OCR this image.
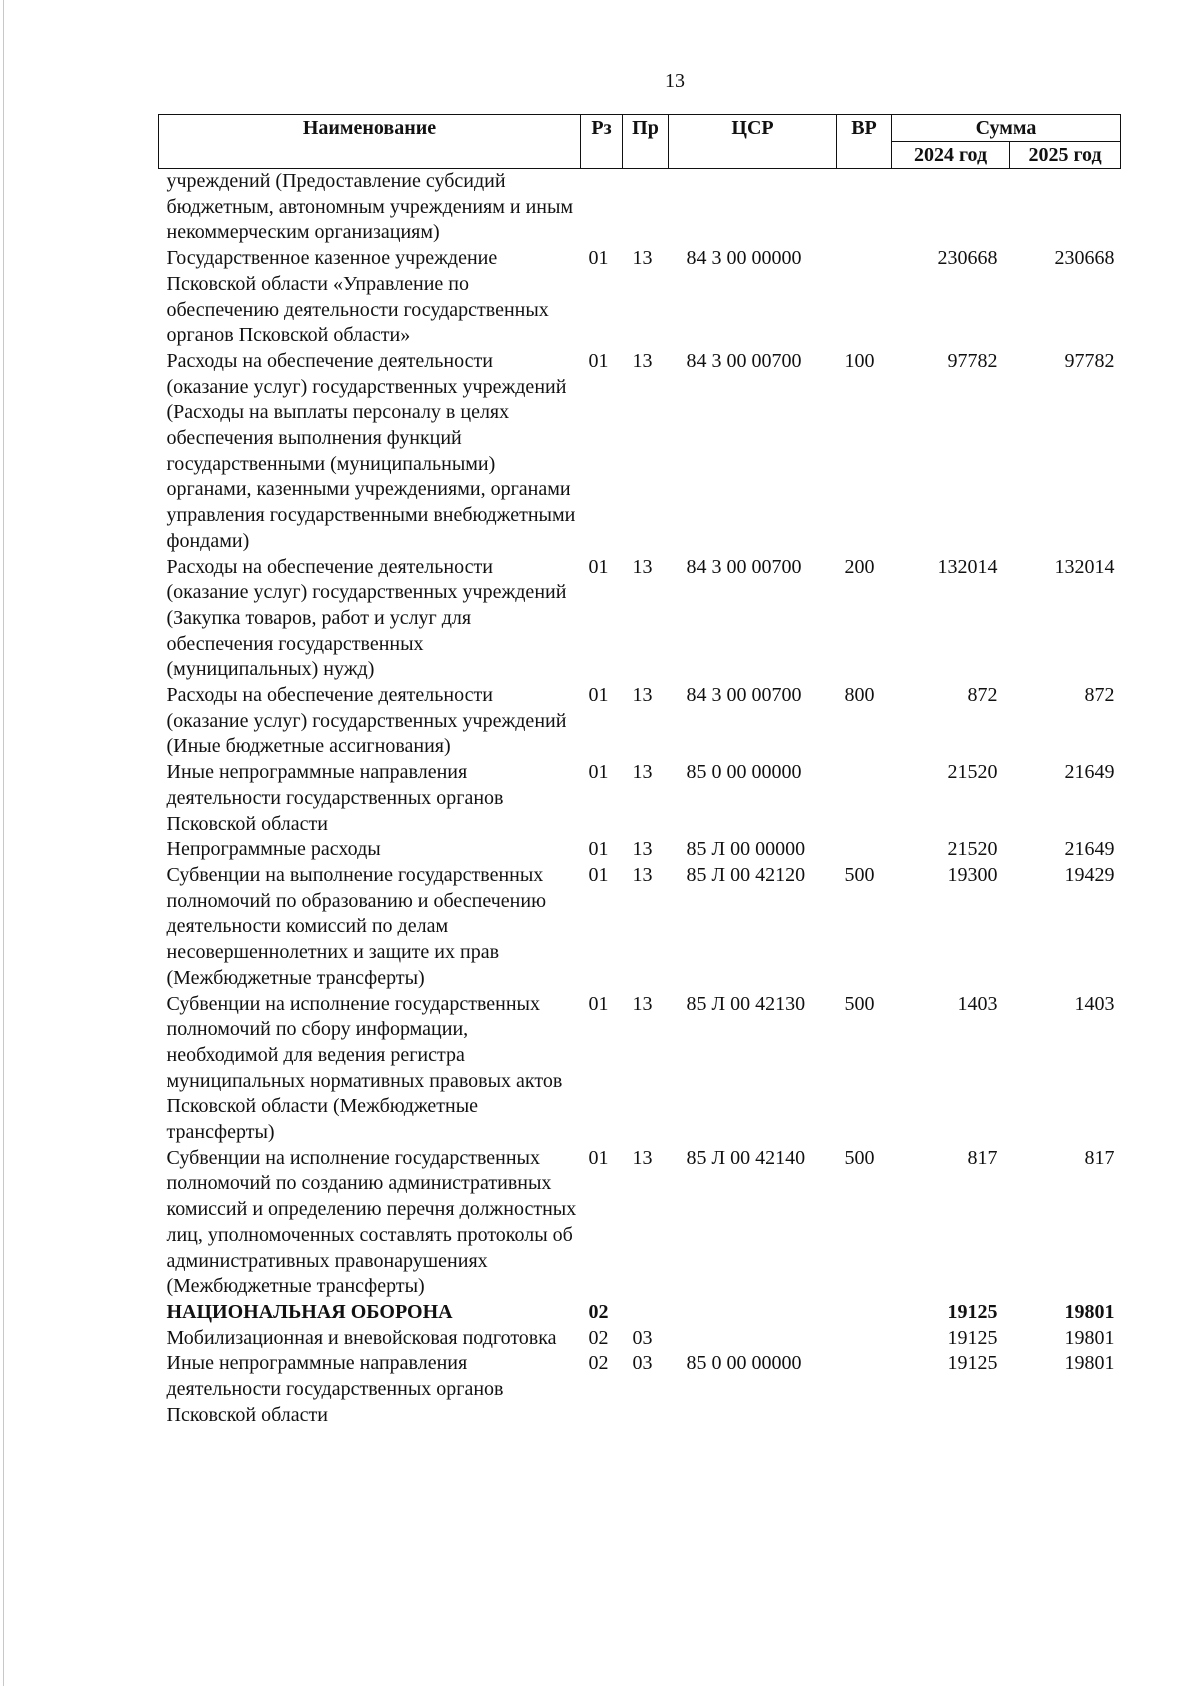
13
Наименование	Рз	Пр	ЦСР	ВР	Сумма	
					2024 год	2025 год
учреждений (Предоставление субсидий бюджетным, автономным учреждениям и иным некоммерческим организациям)						
Государственное казенное учреждение Псковской области «Управление по обеспечению деятельности государственных органов Псковской области»	01	13	84 3 00 00000		230668	230668
Расходы на обеспечение деятельности (оказание услуг) государственных учреждений (Расходы на выплаты персоналу в целях обеспечения выполнения функций государственными (муниципальными) органами, казенными учреждениями, органами управления государственными внебюджетными фондами)	01	13	84 3 00 00700	100	97782	97782
Расходы на обеспечение деятельности (оказание услуг) государственных учреждений (Закупка товаров, работ и услуг для обеспечения государственных (муниципальных) нужд)	01	13	84 3 00 00700	200	132014	132014
Расходы на обеспечение деятельности (оказание услуг) государственных учреждений (Иные бюджетные ассигнования)	01	13	84 3 00 00700	800	872	872
Иные непрограммные направления деятельности государственных органов Псковской области	01	13	85 0 00 00000		21520	21649
Непрограммные расходы	01	13	85 Л 00 00000		21520	21649
Субвенции на выполнение государственных полномочий по образованию и обеспечению деятельности комиссий по делам несовершеннолетних и защите их прав (Межбюджетные трансферты)	01	13	85 Л 00 42120	500	19300	19429
Субвенции на исполнение государственных полномочий по сбору информации, необходимой для ведения регистра муниципальных нормативных правовых актов Псковской области (Межбюджетные трансферты)	01	13	85 Л 00 42130	500	1403	1403
Субвенции на исполнение государственных полномочий по созданию административных комиссий и определению перечня должностных лиц, уполномоченных составлять протоколы об административных правонарушениях (Межбюджетные трансферты)	01	13	85 Л 00 42140	500	817	817
НАЦИОНАЛЬНАЯ ОБОРОНА	02				19125	19801
Мобилизационная и вневойсковая подготовка	02	03			19125	19801
Иные непрограммные направления деятельности государственных органов Псковской области	02	03	85 0 00 00000		19125	19801
